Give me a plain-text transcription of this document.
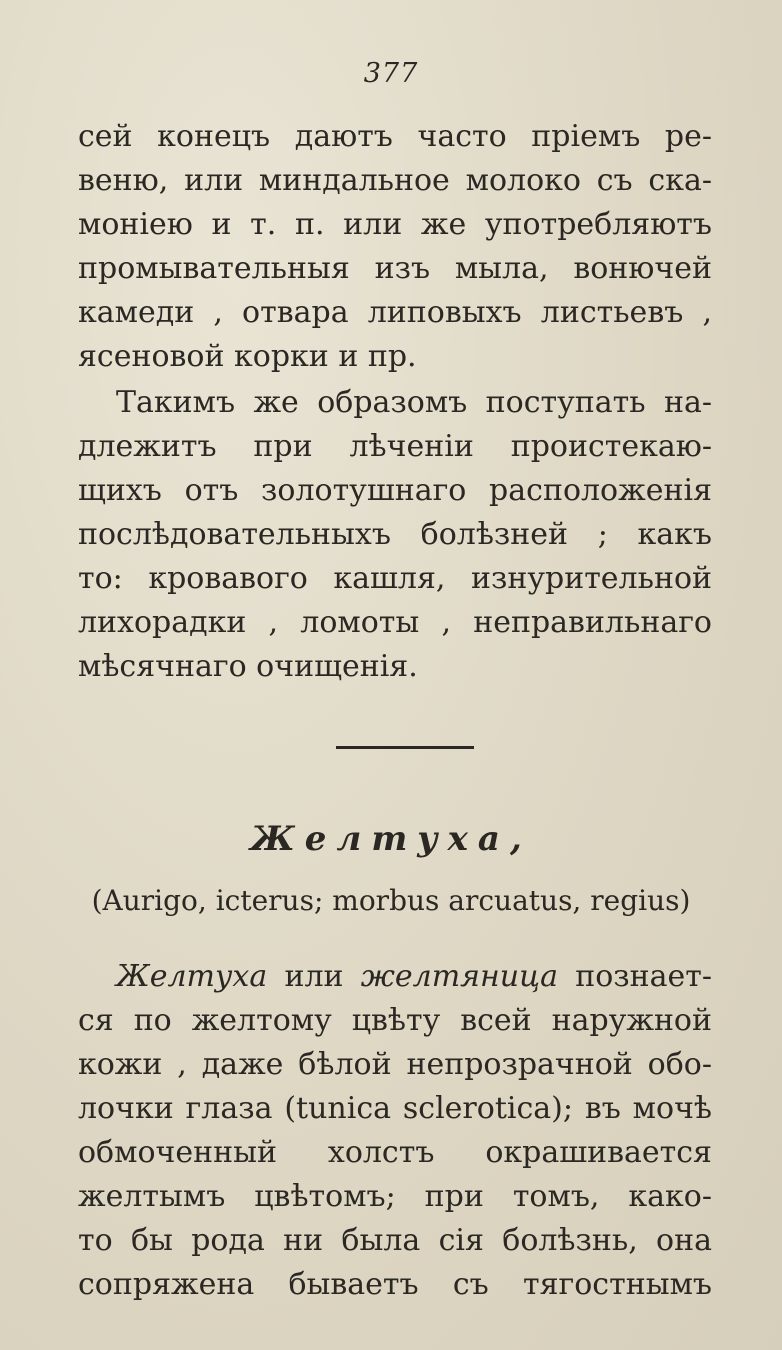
377
сей конецъ даютъ часто пріемъ ре-
веню, или миндальное молоко съ ска-
моніею и т. п. или же употребляютъ
промывательныя изъ мыла, вонючей
камеди , отвара липовыхъ листьевъ ,
ясеновой корки и пр.
Такимъ же образомъ поступать на-
длежитъ при лѣченіи проистекаю-
щихъ отъ золотушнаго расположенія
послѣдовательныхъ болѣзней ; какъ
то: кровавого кашля, изнурительной
лихорадки , ломоты , неправильнаго
мѣсячнаго очищенія.
Желтуха,
(Aurigo, icterus; morbus arcuatus, regius)
Желтуха или желтяница познает-
ся по желтому цвѣту всей наружной
кожи , даже бѣлой непрозрачной обо-
лочки глаза (tunica sclerotica); въ мочѣ
обмоченный холстъ окрашивается
желтымъ цвѣтомъ; при томъ, како-
то бы рода ни была сія болѣзнь, она
сопряжена бываетъ съ тягостнымъ
